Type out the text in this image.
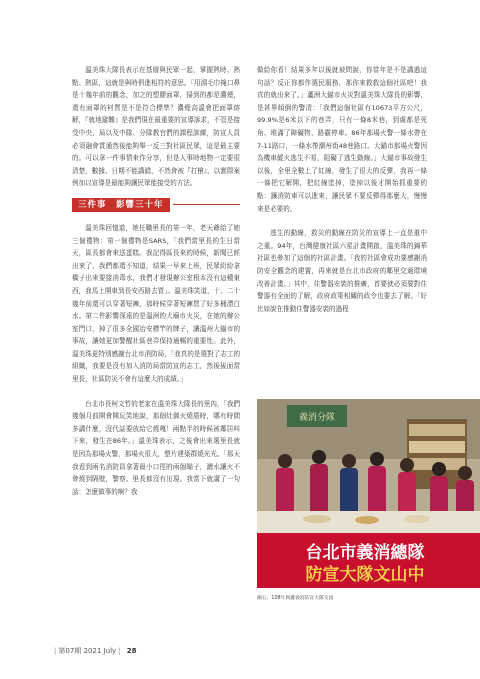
溫美珠大隊長表示在基層與民眾一起，掌握熱時、熱點、熱區，這就是與時俱進相符的意思。「用淵毛巾掩口鼻是十幾年前的觀念，加之的塑膠面罩，掃到的都是濃煙，還有面罩的材質是不是符合標準？濃煙高溫會把面罩熔解，『就地避難』是我們現在最重要的宣導訴求，不管是接受中央、局以及中隊、分隊教官們的課程訓練，防宣人員必須融會貫通然後能夠舉一反三對社區民眾，這是最主要的。可以拿一件事情來作分享，但是人事時地物一定要很清楚，數據、日期不能講錯，不然會被『打槍』，以實際案例加以宣導是最能夠讓民眾能接受的方法。

三件事　影響三十年

溫美珠回憶道，她任職里長的第一年，老天爺給了她三個禮物：第一個禮物是SARS，「我們當里長的生日當天，區長都會來送蛋糕。我記得區長來的時候，新聞已經出來了，我們都還不知道，結果一早來上班，民眾紛紛拿橋子出來要接消毒水，我們才發現辦公室根本沒有這種東西，我馬上開車到長安西路去買」。溫美珠笑道，十、二十幾年前還可以穿著短褲，那時候穿著短褲買了好多桶漂白水。第二件影響深遠的是溫洲的大廟市火災，在她的辦公室門口，掉了很多全國冶安標竿的牌子，讓溫州大錨市的事故，讓她更加警醒社區巷弄保持通暢的重要性。此外，溫美珠更特別感謝台北市消防局，「我真的是選對了志工的組織，我要是沒有加入消防局當防宣的志工，然後後面當里長，社區防災不會有這麼大的成績。」

台北市長柯文哲的老家在溫美珠大隊長的里內，「我們幾個月前開會開玩笑地說，那個灶御火燒厝時，哪有時間多講什麼，沒代誌要放給它燒嘎！兩點半的時候被鄰居叫下來，發生在86年。」溫美珠表示，之後會出來選里長就是因為那場火警，那場火很大，整片建築群燒光光。「那天我看到兩名消防員拿著最小口徑的兩個瞄子，灑水讓火不會燒到隔壁，警察、里長都沒有出現。我當下就講了一句話：怎麼做事的啊？我

做給你看！結果多年以後就被問說，你當年是不是講過這句話？反正你都作選民服務，那你來救救這個社區吧！我真的就出來了。」蘆洲大錨市火災對溫美珠大隊長的影響，是甚界傾倒的警清：「我們這個社區有10673平方公尺，99.9%是6米以下的巷弄，只有一條8米巷，到處都是死角、堆滿了障礙物、路霸停車。86年那場火警一條水帶在7-11路口，一條水帶潮州街48巷路口。大錨市那場火警因為機車縱火逃生不易，阻礙了逃生動線。」大錨市事故發生以後，全里全數上了紅線，發生了很大的反彈，我再一條一條把它解開，把紅線塗掉，塗掉以後才開始抓重要的點：讓消防車可以進來，讓民眾不要反彈得那麼大，慢慢來是必要的。

逃生的動線，救災的動線在防災的宣導上一直是重中之重。94年，台灣健康社區六星計畫開啟，溫美珠的錦華社區也參加了這個的社區計畫。「我的社區會成功要感謝消防安全觀念的建置，再來就是台北市政府的鄰里交通環境改善計畫。」其中，住警器安裝的推廣，首要就必須要對住警器有全面的了解，政府政策相關的政令也要去了解。「好比如說在推動住警器安裝的過程

義消分隊
台北市義消總隊
防宣大隊文山中
圖五、108年與蘆義消防宣大隊交流
| 第07期
2021
July
| 28
